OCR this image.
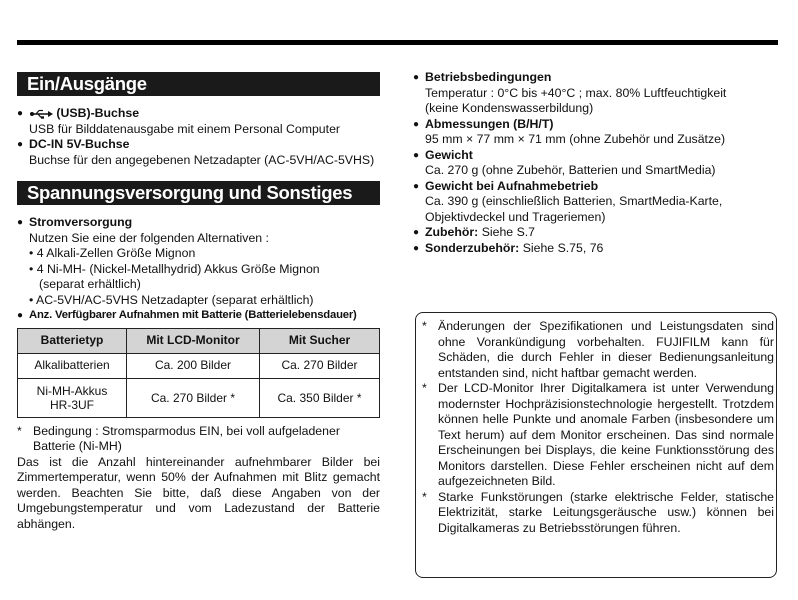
Ein/Ausgänge
● (USB)-Buchse
USB für Bilddatenausgabe mit einem Personal Computer
● DC-IN 5V-Buchse
Buchse für den angegebenen Netzadapter (AC-5VH/AC-5VHS)
Spannungsversorgung und Sonstiges
● Stromversorgung
Nutzen Sie eine der folgenden Alternativen :
• 4 Alkali-Zellen Größe Mignon
• 4 Ni-MH- (Nickel-Metallhydrid) Akkus Größe Mignon
(separat erhältlich)
• AC-5VH/AC-5VHS Netzadapter (separat erhältlich)
● Anz. Verfügbarer Aufnahmen mit Batterie (Batterielebensdauer)
Batterietyp	Mit LCD-Monitor	Mit Sucher
Alkalibatterien	Ca. 200 Bilder	Ca. 270 Bilder
Ni-MH-Akkus
HR-3UF	Ca. 270 Bilder *	Ca. 350 Bilder *
* Bedingung : Stromsparmodus EIN, bei voll aufgeladener Batterie (Ni-MH)

Das ist die Anzahl hintereinander aufnehmbarer Bilder bei Zimmertemperatur, wenn 50% der Aufnahmen mit Blitz gemacht werden. Beachten Sie bitte, daß diese Angaben von der Umgebungstemperatur und vom Ladezustand der Batterie abhängen.
● Betriebsbedingungen
Temperatur : 0°C bis +40°C ; max. 80% Luftfeuchtigkeit
(keine Kondenswasserbildung)
● Abmessungen (B/H/T)
95 mm × 77 mm × 71 mm (ohne Zubehör und Zusätze)
● Gewicht
Ca. 270 g (ohne Zubehör, Batterien und SmartMedia)
● Gewicht bei Aufnahmebetrieb
Ca. 390 g (einschließlich Batterien, SmartMedia-Karte,
Objektivdeckel und Trageriemen)
● Zubehör: Siehe S.7
● Sonderzubehör: Siehe S.75, 76
* Änderungen der Spezifikationen und Leistungsdaten sind ohne Vorankündigung vorbehalten. FUJIFILM kann für Schäden, die durch Fehler in dieser Bedienungsanleitung entstanden sind, nicht haftbar gemacht werden.

* Der LCD-Monitor Ihrer Digitalkamera ist unter Verwendung modernster Hochpräzisionstechnologie hergestellt. Trotzdem können helle Punkte und anomale Farben (insbesondere um Text herum) auf dem Monitor erscheinen. Das sind normale Erscheinungen bei Displays, die keine Funktionsstörung des Monitors darstellen. Diese Fehler erscheinen nicht auf dem aufgezeichneten Bild.

* Starke Funkstörungen (starke elektrische Felder, statische Elektrizität, starke Leitungsgeräusche usw.) können bei Digitalkameras zu Betriebsstörungen führen.
